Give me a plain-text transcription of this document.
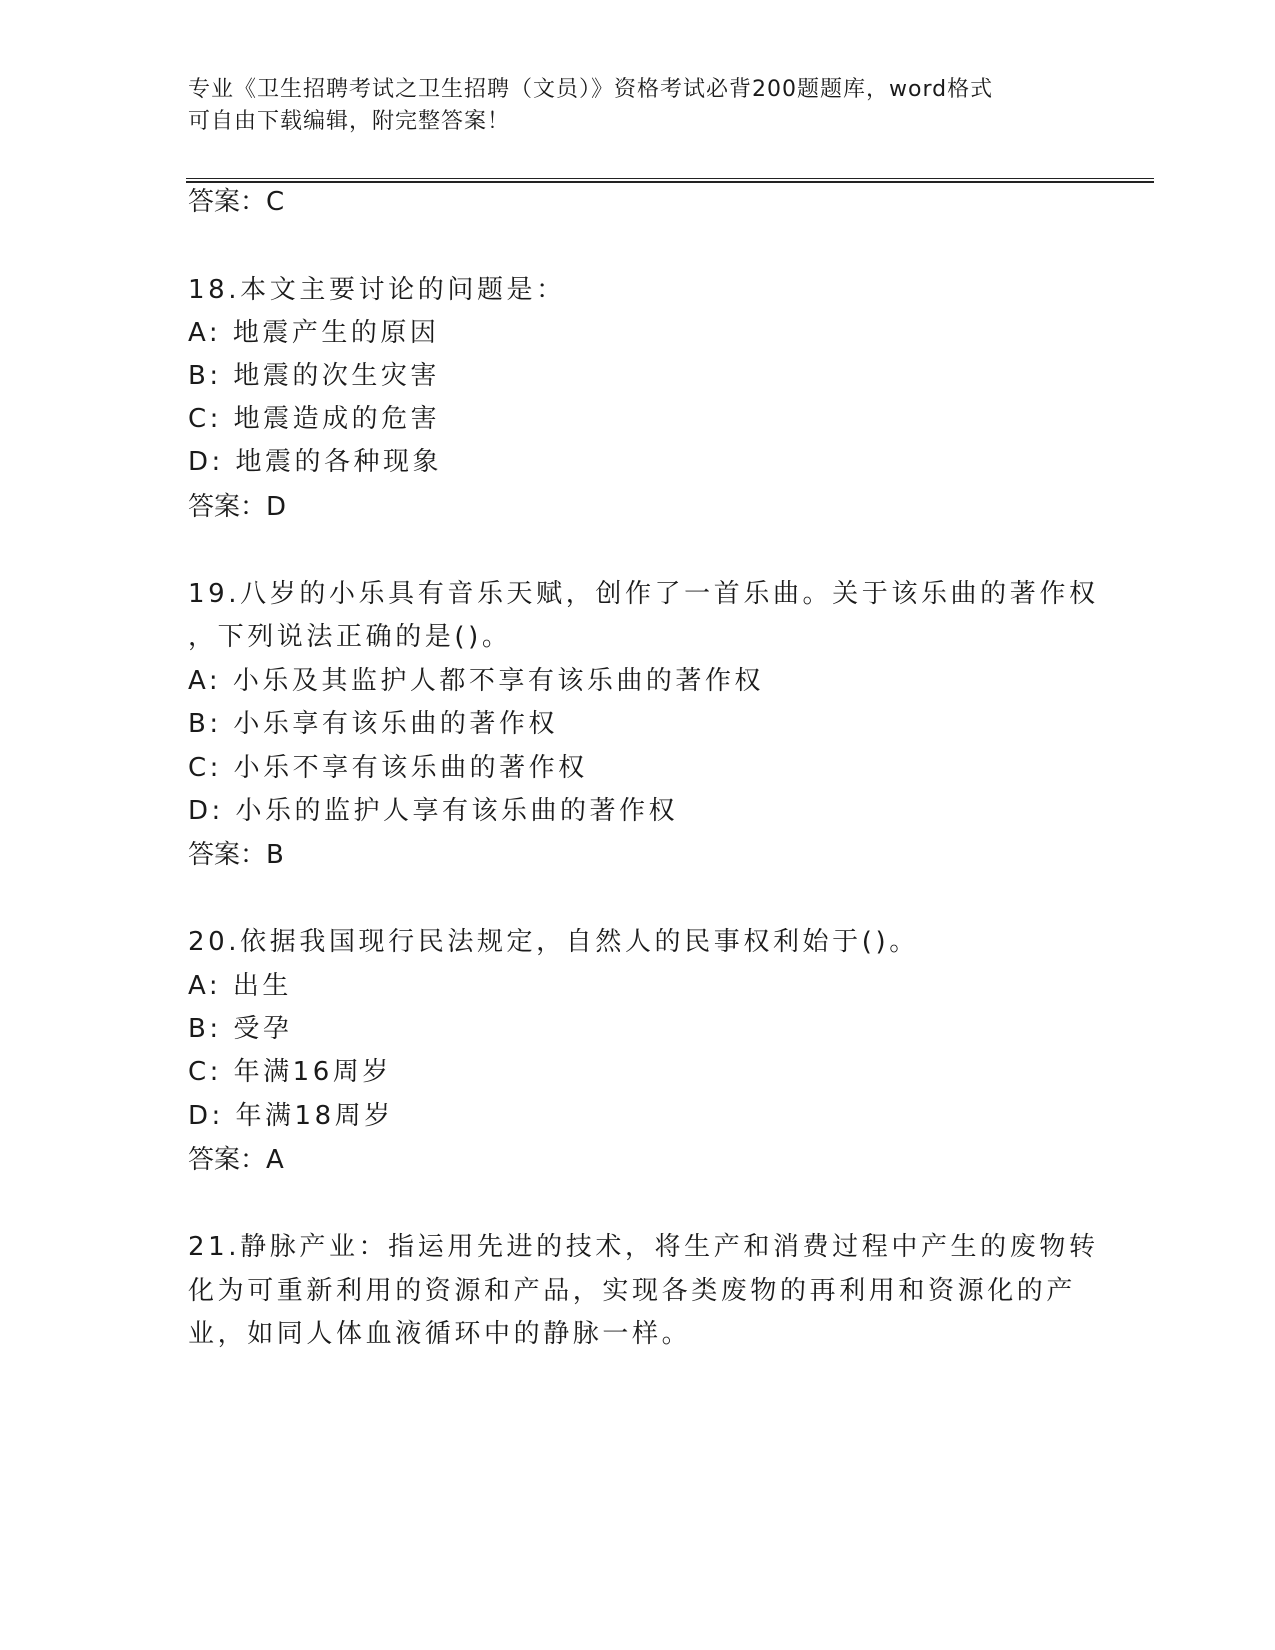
专业《卫生招聘考试之卫生招聘（文员）》资格考试必背200题题库，word格式
可自由下载编辑，附完整答案！
答案：C
18.本文主要讨论的问题是：
A: 地震产生的原因
B: 地震的次生灾害
C: 地震造成的危害
D: 地震的各种现象
答案：D
19.八岁的小乐具有音乐天赋，创作了一首乐曲。关于该乐曲的著作权
，下列说法正确的是()。
A: 小乐及其监护人都不享有该乐曲的著作权
B: 小乐享有该乐曲的著作权
C: 小乐不享有该乐曲的著作权
D: 小乐的监护人享有该乐曲的著作权
答案：B
20.依据我国现行民法规定，自然人的民事权利始于()。
A: 出生
B: 受孕
C: 年满16周岁
D: 年满18周岁
答案：A
21.静脉产业：指运用先进的技术，将生产和消费过程中产生的废物转
化为可重新利用的资源和产品，实现各类废物的再利用和资源化的产
业，如同人体血液循环中的静脉一样。
